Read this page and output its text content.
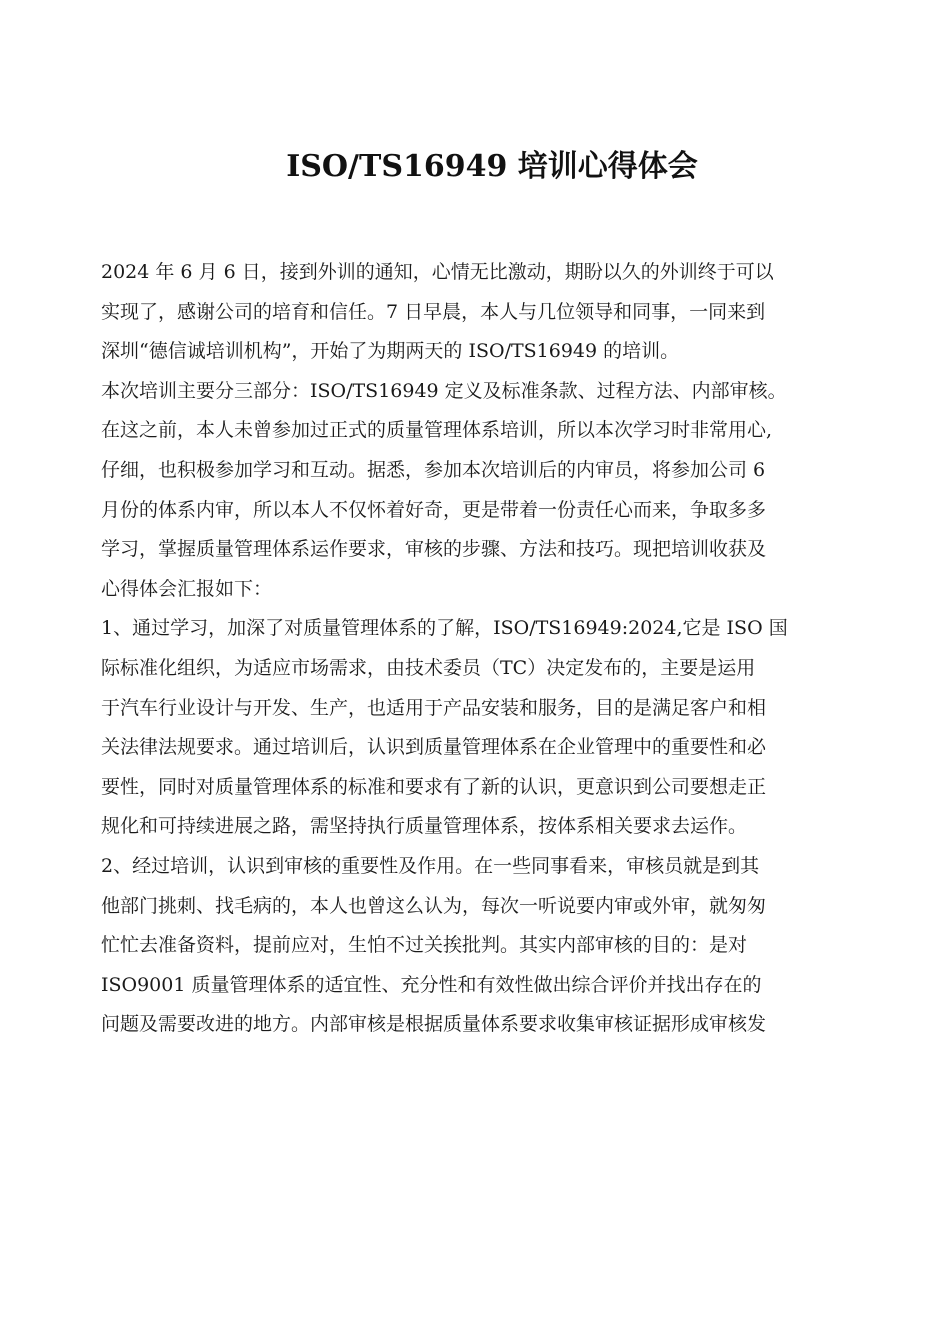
ISO/TS16949 培训心得体会
2024 年 6 月 6 日，接到外训的通知，心情无比激动，期盼以久的外训终于可以
实现了，感谢公司的培育和信任。7 日早晨，本人与几位领导和同事，一同来到
深圳“德信诚培训机构”，开始了为期两天的 ISO/TS16949 的培训。
本次培训主要分三部分：ISO/TS16949 定义及标准条款、过程方法、内部审核。
在这之前，本人未曾参加过正式的质量管理体系培训，所以本次学习时非常用心,
仔细，也积极参加学习和互动。据悉，参加本次培训后的内审员，将参加公司 6
月份的体系内审，所以本人不仅怀着好奇，更是带着一份责任心而来，争取多多
学习，掌握质量管理体系运作要求，审核的步骤、方法和技巧。现把培训收获及
心得体会汇报如下：
1、通过学习，加深了对质量管理体系的了解，ISO/TS16949:2024,它是 ISO 国
际标准化组织，为适应市场需求，由技术委员（TC）决定发布的，主要是运用
于汽车行业设计与开发、生产，也适用于产品安装和服务，目的是满足客户和相
关法律法规要求。通过培训后，认识到质量管理体系在企业管理中的重要性和必
要性，同时对质量管理体系的标准和要求有了新的认识，更意识到公司要想走正
规化和可持续进展之路，需坚持执行质量管理体系，按体系相关要求去运作。
2、经过培训，认识到审核的重要性及作用。在一些同事看来，审核员就是到其
他部门挑刺、找毛病的，本人也曾这么认为，每次一听说要内审或外审，就匆匆
忙忙去准备资料，提前应对，生怕不过关挨批判。其实内部审核的目的：是对
ISO9001 质量管理体系的适宜性、充分性和有效性做出综合评价并找出存在的
问题及需要改进的地方。内部审核是根据质量体系要求收集审核证据形成审核发
